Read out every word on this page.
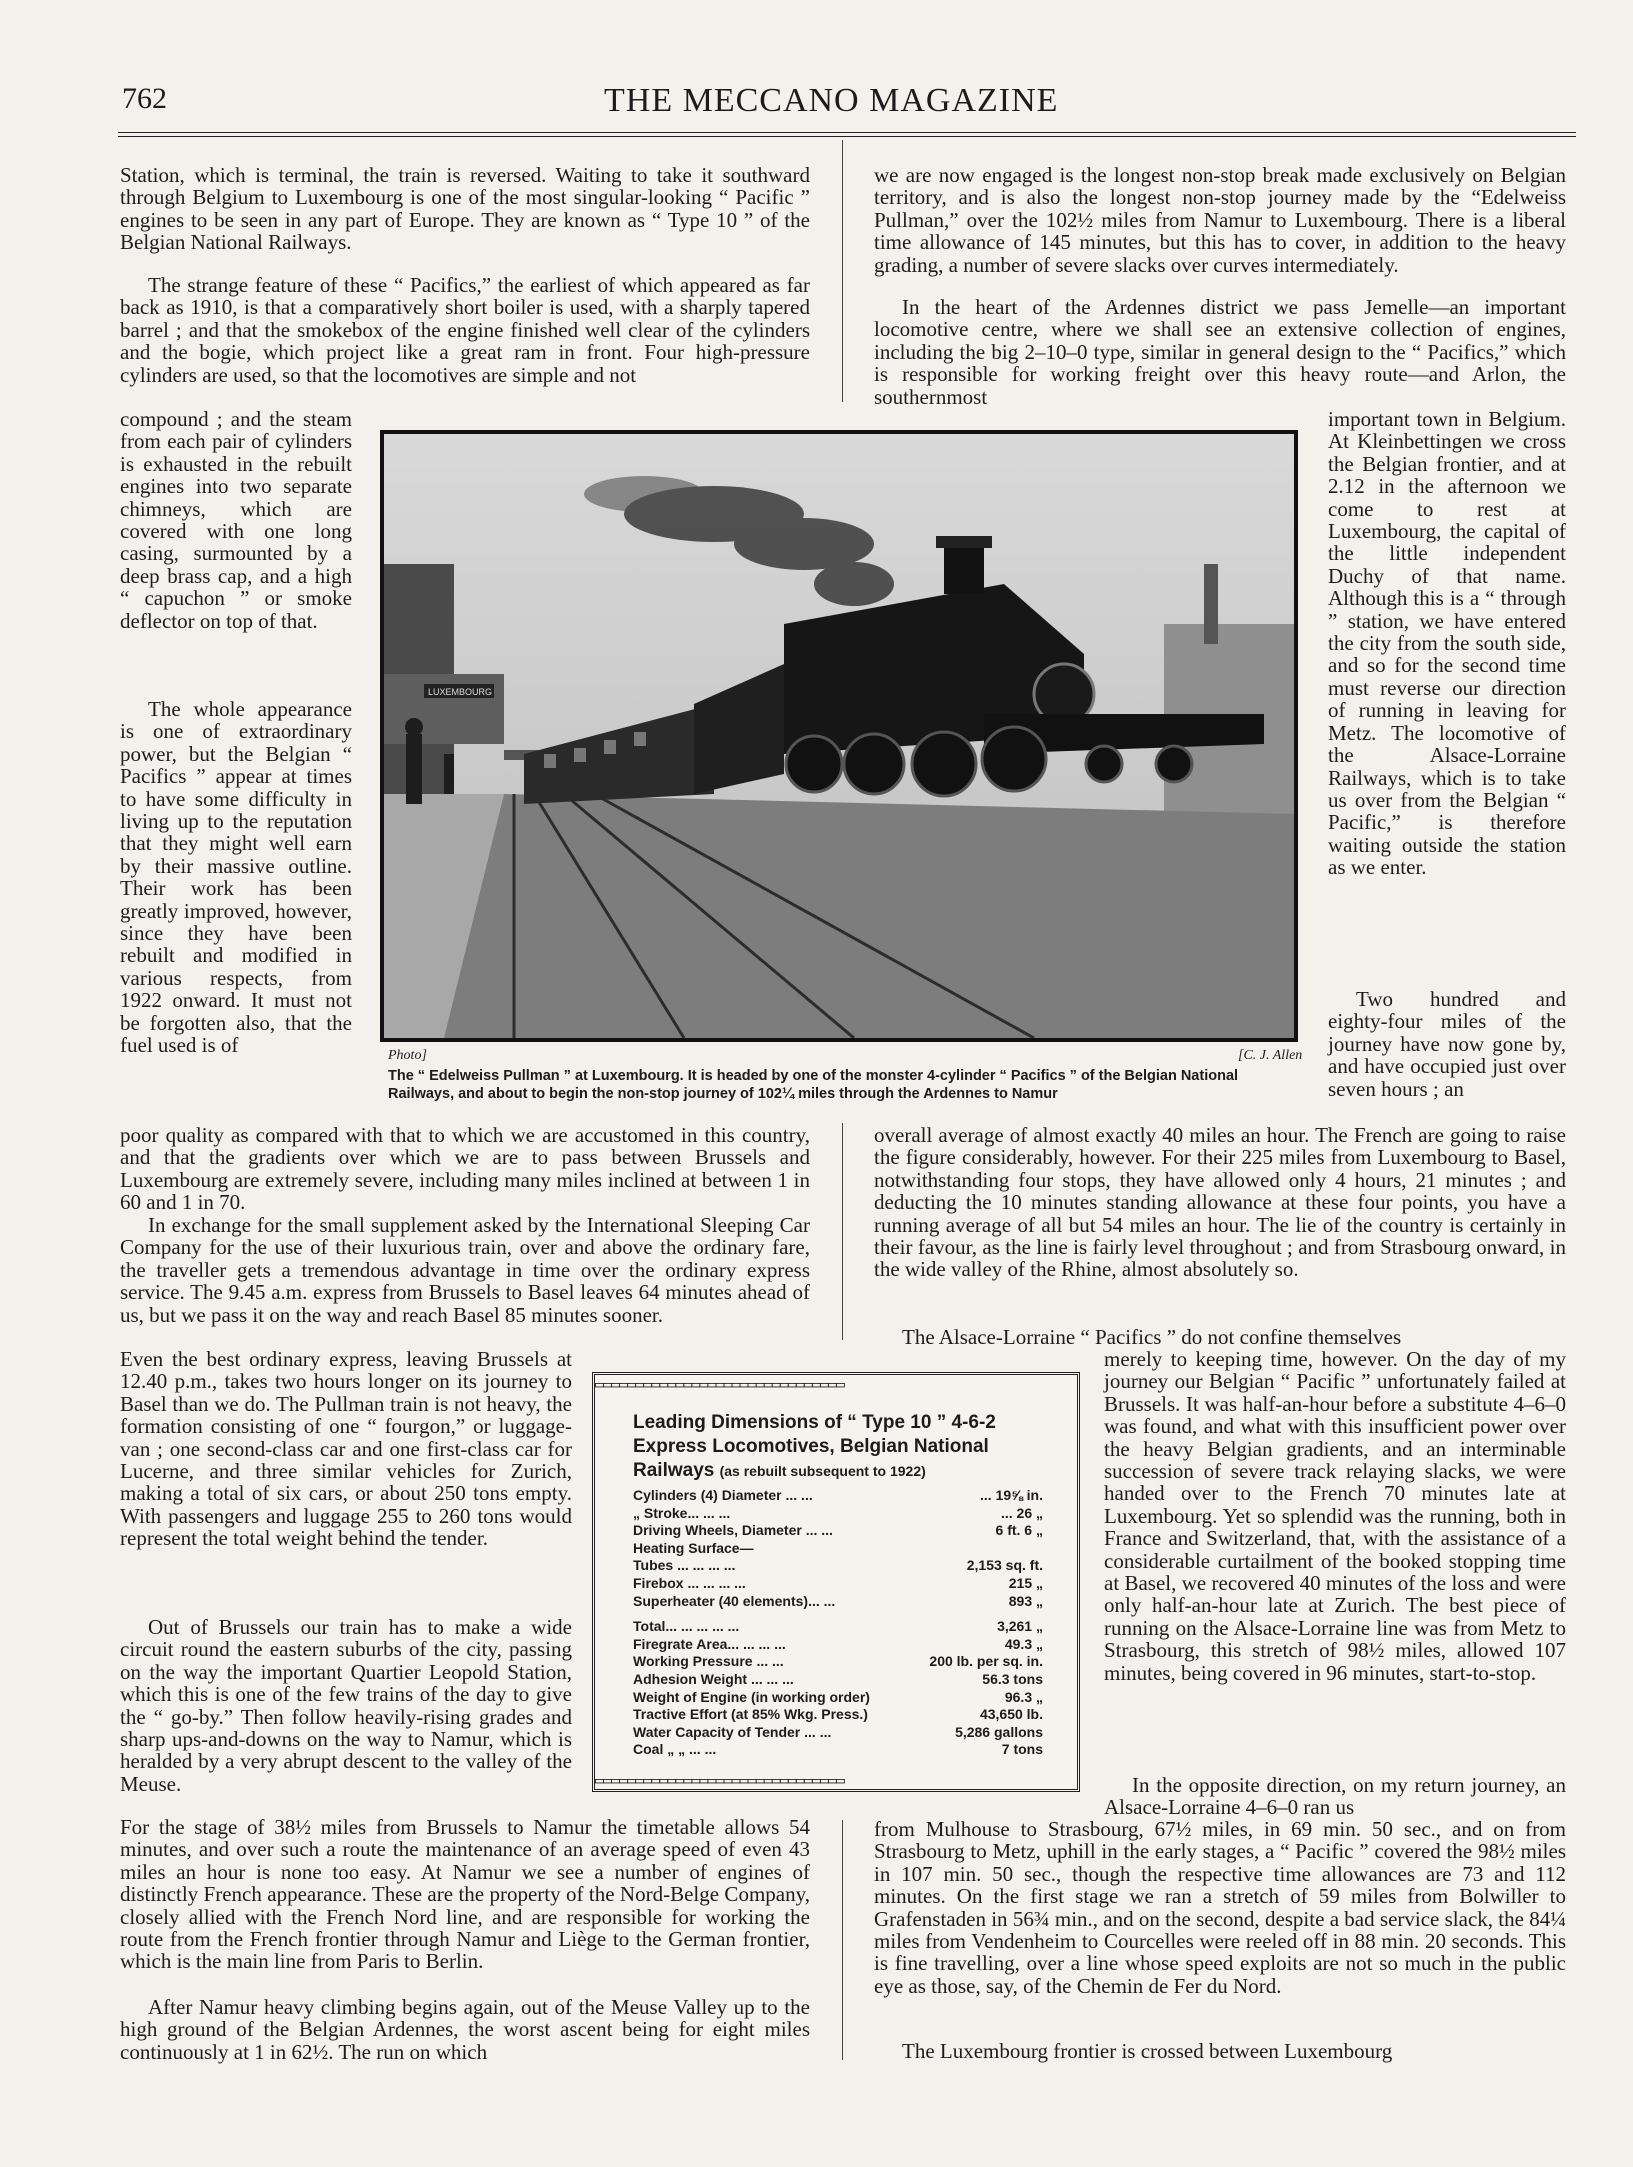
762	THE MECCANO MAGAZINE

Station, which is terminal, the train is reversed. Waiting to take it southward through Belgium to Luxembourg is one of the most singular-looking “ Pacific ” engines to be seen in any part of Europe. They are known as “ Type 10 ” of the Belgian National Railways.

The strange feature of these “ Pacifics,” the earliest of which appeared as far back as 1910, is that a comparatively short boiler is used, with a sharply tapered barrel ; and that the smokebox of the engine finished well clear of the cylinders and the bogie, which project like a great ram in front. Four high-pressure cylinders are used, so that the locomotives are simple and not

compound ; and the steam from each pair of cylinders is exhausted in the rebuilt engines into two separate chimneys, which are covered with one long casing, surmounted by a deep brass cap, and a high “ capuchon ” or smoke deflector on top of that.

The whole appearance is one of extraordinary power, but the Belgian “ Pacifics ” appear at times to have some difficulty in living up to the reputation that they might well earn by their massive outline. Their work has been greatly improved, however, since they have been rebuilt and modified in various respects, from 1922 onward. It must not be forgotten also, that the fuel used is of

poor quality as compared with that to which we are accustomed in this country, and that the gradients over which we are to pass between Brussels and Luxembourg are extremely severe, including many miles inclined at between 1 in 60 and 1 in 70.

In exchange for the small supplement asked by the International Sleeping Car Company for the use of their luxurious train, over and above the ordinary fare, the traveller gets a tremendous advantage in time over the ordinary express service. The 9.45 a.m. express from Brussels to Basel leaves 64 minutes ahead of us, but we pass it on the way and reach Basel 85 minutes sooner.

Even the best ordinary express, leaving Brussels at 12.40 p.m., takes two hours longer on its journey to Basel than we do. The Pullman train is not heavy, the formation consisting of one “ fourgon,” or luggage-van ; one second-class car and one first-class car for Lucerne, and three similar vehicles for Zurich, making a total of six cars, or about 250 tons empty. With passengers and luggage 255 to 260 tons would represent the total weight behind the tender.

Out of Brussels our train has to make a wide circuit round the eastern suburbs of the city, passing on the way the important Quartier Leopold Station, which this is one of the few trains of the day to give the “ go-by.” Then follow heavily-rising grades and sharp ups-and-downs on the way to Namur, which is heralded by a very abrupt descent to the valley of the Meuse.

For the stage of 38½ miles from Brussels to Namur the timetable allows 54 minutes, and over such a route the maintenance of an average speed of even 43 miles an hour is none too easy. At Namur we see a number of engines of distinctly French appearance. These are the property of the Nord-Belge Company, closely allied with the French Nord line, and are responsible for working the route from the French frontier through Namur and Liège to the German frontier, which is the main line from Paris to Berlin.

After Namur heavy climbing begins again, out of the Meuse Valley up to the high ground of the Belgian Ardennes, the worst ascent being for eight miles continuously at 1 in 62½. The run on which

we are now engaged is the longest non-stop break made exclusively on Belgian territory, and is also the longest non-stop journey made by the “Edelweiss Pullman,” over the 102½ miles from Namur to Luxembourg. There is a liberal time allowance of 145 minutes, but this has to cover, in addition to the heavy grading, a number of severe slacks over curves intermediately.

In the heart of the Ardennes district we pass Jemelle—an important locomotive centre, where we shall see an extensive collection of engines, including the big 2–10–0 type, similar in general design to the “ Pacifics,” which is responsible for working freight over this heavy route—and Arlon, the southernmost

important town in Belgium. At Kleinbettingen we cross the Belgian frontier, and at 2.12 in the afternoon we come to rest at Luxembourg, the capital of the little independent Duchy of that name. Although this is a “ through ” station, we have entered the city from the south side, and so for the second time must reverse our direction of running in leaving for Metz. The locomotive of the Alsace-Lorraine Railways, which is to take us over from the Belgian “ Pacific,” is therefore waiting outside the station as we enter.

Two hundred and eighty-four miles of the journey have now gone by, and have occupied just over seven hours ; an

overall average of almost exactly 40 miles an hour. The French are going to raise the figure considerably, however. For their 225 miles from Luxembourg to Basel, notwithstanding four stops, they have allowed only 4 hours, 21 minutes ; and deducting the 10 minutes standing allowance at these four points, you have a running average of all but 54 miles an hour. The lie of the country is certainly in their favour, as the line is fairly level throughout ; and from Strasbourg onward, in the wide valley of the Rhine, almost absolutely so.

The Alsace-Lorraine “ Pacifics ” do not confine themselves

merely to keeping time, however. On the day of my journey our Belgian “ Pacific ” unfortunately failed at Brussels. It was half-an-hour before a substitute 4–6–0 was found, and what with this insufficient power over the heavy Belgian gradients, and an interminable succession of severe track relaying slacks, we were handed over to the French 70 minutes late at Luxembourg. Yet so splendid was the running, both in France and Switzerland, that, with the assistance of a considerable curtailment of the booked stopping time at Basel, we recovered 40 minutes of the loss and were only half-an-hour late at Zurich. The best piece of running on the Alsace-Lorraine line was from Metz to Strasbourg, this stretch of 98½ miles, allowed 107 minutes, being covered in 96 minutes, start-to-stop.

In the opposite direction, on my return journey, an Alsace-Lorraine 4–6–0 ran us

from Mulhouse to Strasbourg, 67½ miles, in 69 min. 50 sec., and on from Strasbourg to Metz, uphill in the early stages, a “ Pacific ” covered the 98½ miles in 107 min. 50 sec., though the respective time allowances are 73 and 112 minutes. On the first stage we ran a stretch of 59 miles from Bolwiller to Grafenstaden in 56¾ min., and on the second, despite a bad service slack, the 84¼ miles from Vendenheim to Courcelles were reeled off in 88 min. 20 seconds. This is fine travelling, over a line whose speed exploits are not so much in the public eye as those, say, of the Chemin de Fer du Nord.

The Luxembourg frontier is crossed between Luxembourg

LUXEMBOURG
Photo]	[C. J. Allen
The “ Edelweiss Pullman ” at Luxembourg. It is headed by one of the monster 4-cylinder “ Pacifics ” of the Belgian National Railways, and about to begin the non-stop journey of 102¼ miles through the Ardennes to Namur
▭▭▭▭▭▭▭▭▭▭▭▭▭▭▭▭▭▭▭▭▭▭▭▭▭▭▭▭▭▭▭
▭▭▭▭▭▭▭▭▭▭▭▭▭▭▭▭▭▭▭▭▭▭▭▭▭▭▭▭▭▭▭
Leading Dimensions of “ Type 10 ” 4-6-2 Express Locomotives, Belgian National Railways (as rebuilt subsequent to 1922)
Cylinders (4) Diameter ... ...	... 19⅝ in.
„ Stroke... ... ...	... 26 „
Driving Wheels, Diameter ... ...	6 ft. 6 „
Heating Surface—
Tubes ... ... ... ...	2,153 sq. ft.
Firebox ... ... ... ...	215 „
Superheater (40 elements)... ...	893 „
Total... ... ... ... ...	3,261 „
Firegrate Area... ... ... ...	49.3 „
Working Pressure ... ...	200 lb. per sq. in.
Adhesion Weight ... ... ...	56.3 tons
Weight of Engine (in working order)	96.3 „
Tractive Effort (at 85% Wkg. Press.)	43,650 lb.
Water Capacity of Tender ... ...	5,286 gallons
Coal „ „ ... ...	7 tons
